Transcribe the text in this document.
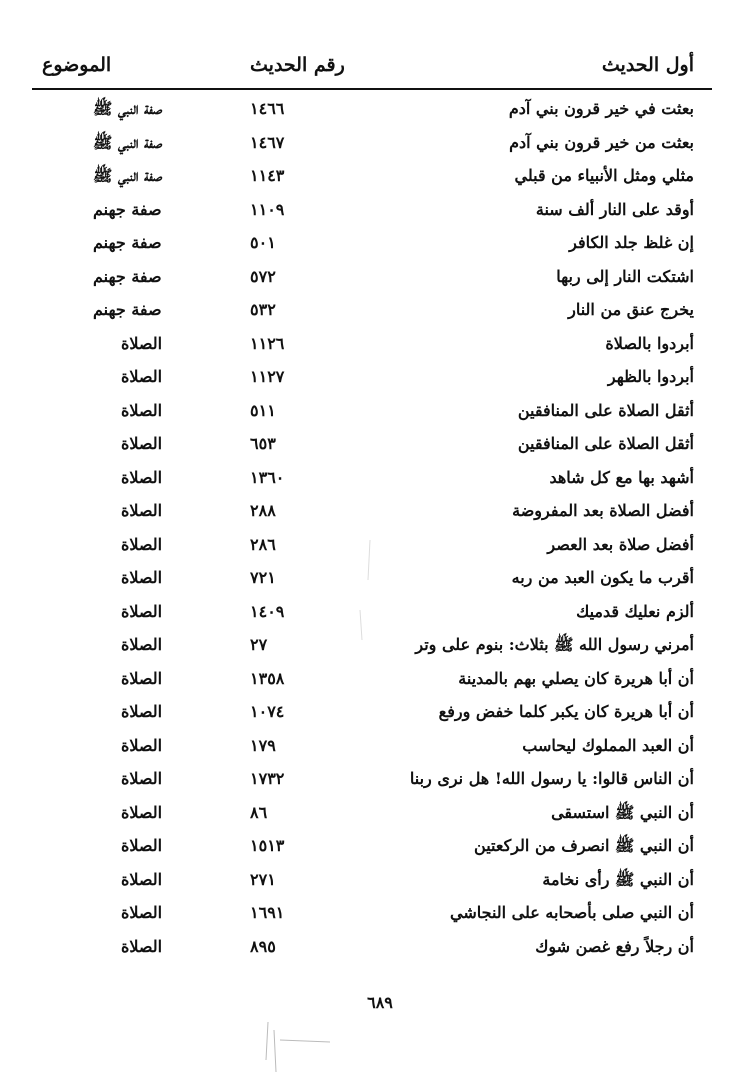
أول الحديث
رقم الحديث
الموضوع
بعثت في خير قرون بني آدم
١٤٦٦
صفة النبي ﷺ
بعثت من خير قرون بني آدم
١٤٦٧
صفة النبي ﷺ
مثلي ومثل الأنبياء من قبلي
١١٤٣
صفة النبي ﷺ
أوقد على النار ألف سنة
١١٠٩
صفة جهنم
إن غلظ جلد الكافر
٥٠١
صفة جهنم
اشتكت النار إلى ربها
٥٧٢
صفة جهنم
يخرج عنق من النار
٥٣٢
صفة جهنم
أبردوا بالصلاة
١١٢٦
الصلاة
أبردوا بالظهر
١١٢٧
الصلاة
أثقل الصلاة على المنافقين
٥١١
الصلاة
أثقل الصلاة على المنافقين
٦٥٣
الصلاة
أشهد بها مع كل شاهد
١٣٦٠
الصلاة
أفضل الصلاة بعد المفروضة
٢٨٨
الصلاة
أفضل صلاة بعد العصر
٢٨٦
الصلاة
أقرب ما يكون العبد من ربه
٧٢١
الصلاة
ألزم نعليك قدميك
١٤٠٩
الصلاة
أمرني رسول الله ﷺ بثلاث: بنوم على وتر
٢٧
الصلاة
أن أبا هريرة كان يصلي بهم بالمدينة
١٣٥٨
الصلاة
أن أبا هريرة كان يكبر كلما خفض ورفع
١٠٧٤
الصلاة
أن العبد المملوك ليحاسب
١٧٩
الصلاة
أن الناس قالوا: يا رسول الله! هل نرى ربنا
١٧٣٢
الصلاة
أن النبي ﷺ استسقى
٨٦
الصلاة
أن النبي ﷺ انصرف من الركعتين
١٥١٣
الصلاة
أن النبي ﷺ رأى نخامة
٢٧١
الصلاة
أن النبي صلى بأصحابه على النجاشي
١٦٩١
الصلاة
أن رجلاً رفع غصن شوك
٨٩٥
الصلاة
٦٨٩
